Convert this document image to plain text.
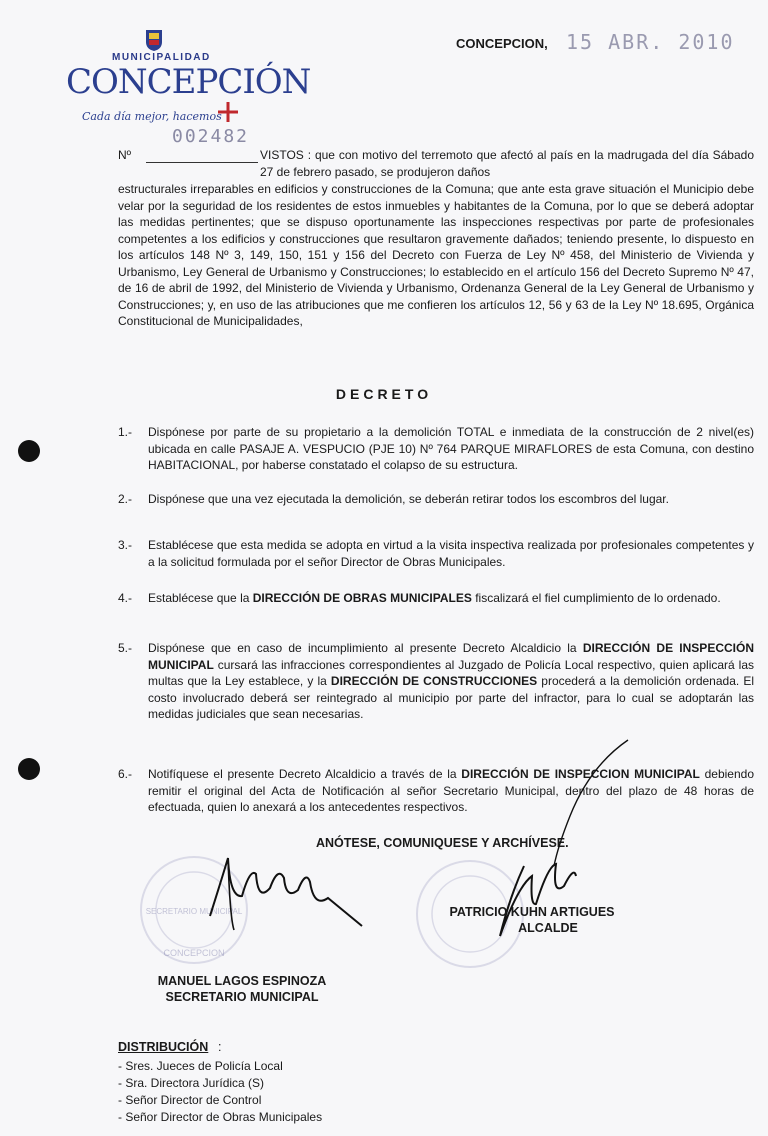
MUNICIPALIDAD
CONCEPCIÓN
Cada día mejor, hacemos
CONCEPCION, 15 ABR. 2010
Nº
002482
VISTOS : que con motivo del terremoto que afectó al país en la madrugada del día Sábado 27 de febrero pasado, se produjeron daños
estructurales irreparables en edificios y construcciones de la Comuna; que ante esta grave situación el Municipio debe velar por la seguridad de los residentes de estos inmuebles y habitantes de la Comuna, por lo que se deberá adoptar las medidas pertinentes; que se dispuso oportunamente las inspecciones respectivas por parte de profesionales competentes a los edificios y construcciones que resultaron gravemente dañados; teniendo presente, lo dispuesto en los artículos 148 Nº 3, 149, 150, 151 y 156 del Decreto con Fuerza de Ley Nº 458, del Ministerio de Vivienda y Urbanismo, Ley General de Urbanismo y Construcciones; lo establecido en el artículo 156 del Decreto Supremo Nº 47, de 16 de abril de 1992, del Ministerio de Vivienda y Urbanismo, Ordenanza General de la Ley General de Urbanismo y Construcciones; y, en uso de las atribuciones que me confieren los artículos 12, 56 y 63 de la Ley Nº 18.695, Orgánica Constitucional de Municipalidades,
DECRETO
1.- Dispónese por parte de su propietario a la demolición TOTAL e inmediata de la construcción de 2 nivel(es) ubicada en calle PASAJE A. VESPUCIO (PJE 10) Nº 764 PARQUE MIRAFLORES de esta Comuna, con destino HABITACIONAL, por haberse constatado el colapso de su estructura.
2.- Dispónese que una vez ejecutada la demolición, se deberán retirar todos los escombros del lugar.
3.- Establécese que esta medida se adopta en virtud a la visita inspectiva realizada por profesionales competentes y a la solicitud formulada por el señor Director de Obras Municipales.
4.- Establécese que la DIRECCIÓN DE OBRAS MUNICIPALES fiscalizará el fiel cumplimiento de lo ordenado.
5.- Dispónese que en caso de incumplimiento al presente Decreto Alcaldicio la DIRECCIÓN DE INSPECCIÓN MUNICIPAL cursará las infracciones correspondientes al Juzgado de Policía Local respectivo, quien aplicará las multas que la Ley establece, y la DIRECCIÓN DE CONSTRUCCIONES procederá a la demolición ordenada. El costo involucrado deberá ser reintegrado al municipio por parte del infractor, para lo cual se adoptarán las medidas judiciales que sean necesarias.
6.- Notifíquese el presente Decreto Alcaldicio a través de la DIRECCIÓN DE INSPECCION MUNICIPAL debiendo remitir el original del Acta de Notificación al señor Secretario Municipal, dentro del plazo de 48 horas de efectuada, quien lo anexará a los antecedentes respectivos.
ANÓTESE, COMUNIQUESE Y ARCHÍVESE.
SECRETARIO MUNICIPAL
CONCEPCION
PATRICIO KUHN ARTIGUES
ALCALDE
MANUEL LAGOS ESPINOZA
SECRETARIO MUNICIPAL
DISTRIBUCIÓN :
- Sres. Jueces de Policía Local
- Sra. Directora Jurídica (S)
- Señor Director de Control
- Señor Director de Obras Municipales
